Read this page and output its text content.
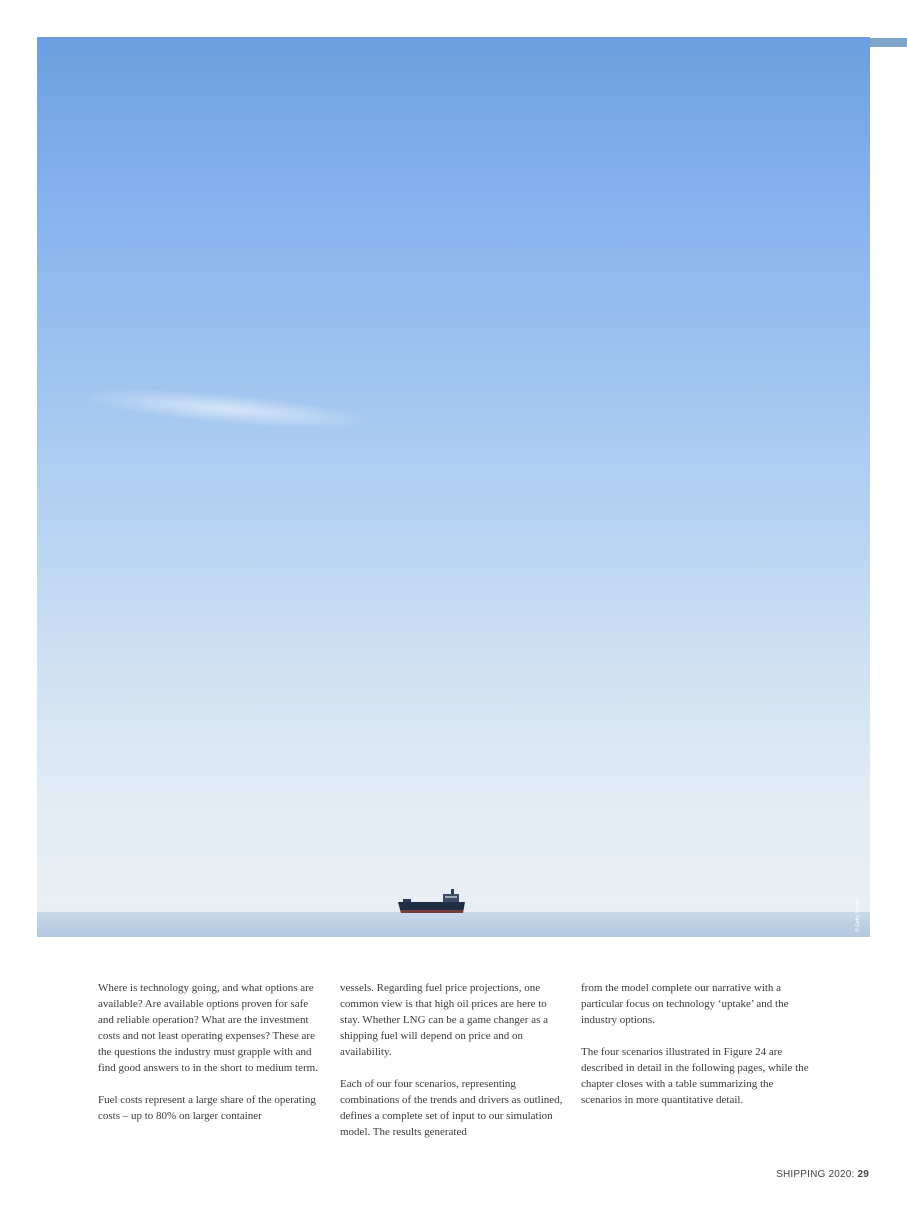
© Getty Images

Where is technology going, and what options are available? Are available options proven for safe and reliable operation? What are the investment costs and not least operating expenses? These are the questions the industry must grapple with and find good answers to in the short to medium term.

Fuel costs represent a large share of the operating costs – up to 80% on larger container

vessels. Regarding fuel price projections, one common view is that high oil prices are here to stay. Whether LNG can be a game changer as a shipping fuel will depend on price and on availability.

Each of our four scenarios, representing combinations of the trends and drivers as outlined, defines a complete set of input to our simulation model. The results generated

from the model complete our narrative with a particular focus on technology ‘uptake’ and the industry options.

The four scenarios illustrated in Figure 24 are described in detail in the following pages, while the chapter closes with a table summarizing the scenarios in more quantitative detail.

SHIPPING 2020: 29
